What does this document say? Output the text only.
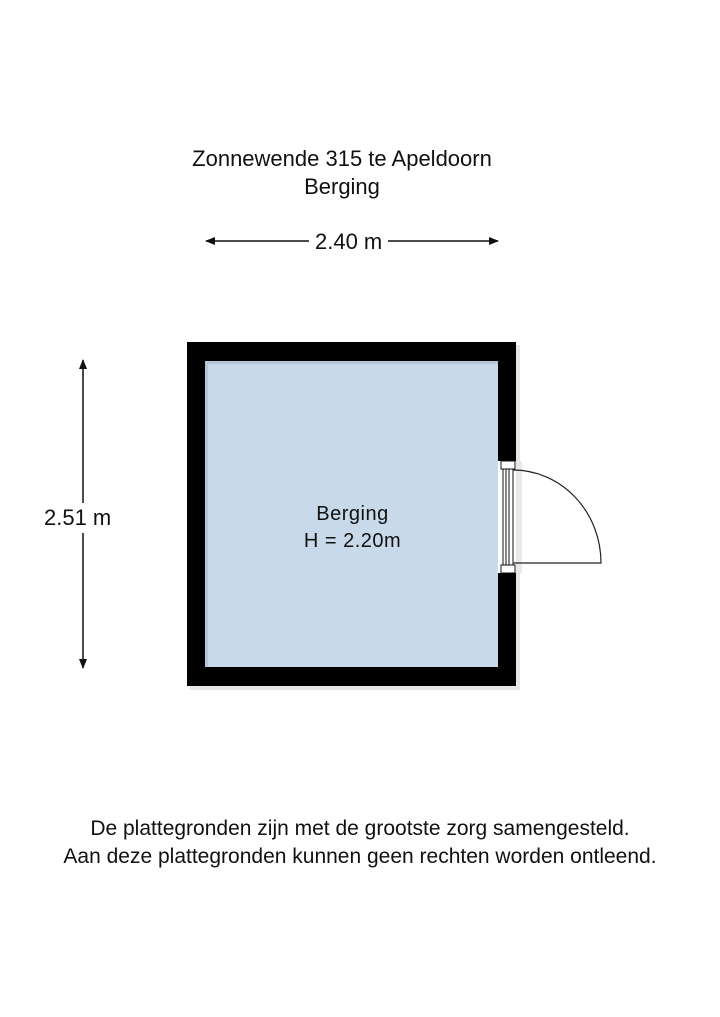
Zonnewende 315 te Apeldoorn
Berging
2.40 m
2.51 m	Berging
H = 2.20m
De plattegronden zijn met de grootste zorg samengesteld.
Aan deze plattegronden kunnen geen rechten worden ontleend.
